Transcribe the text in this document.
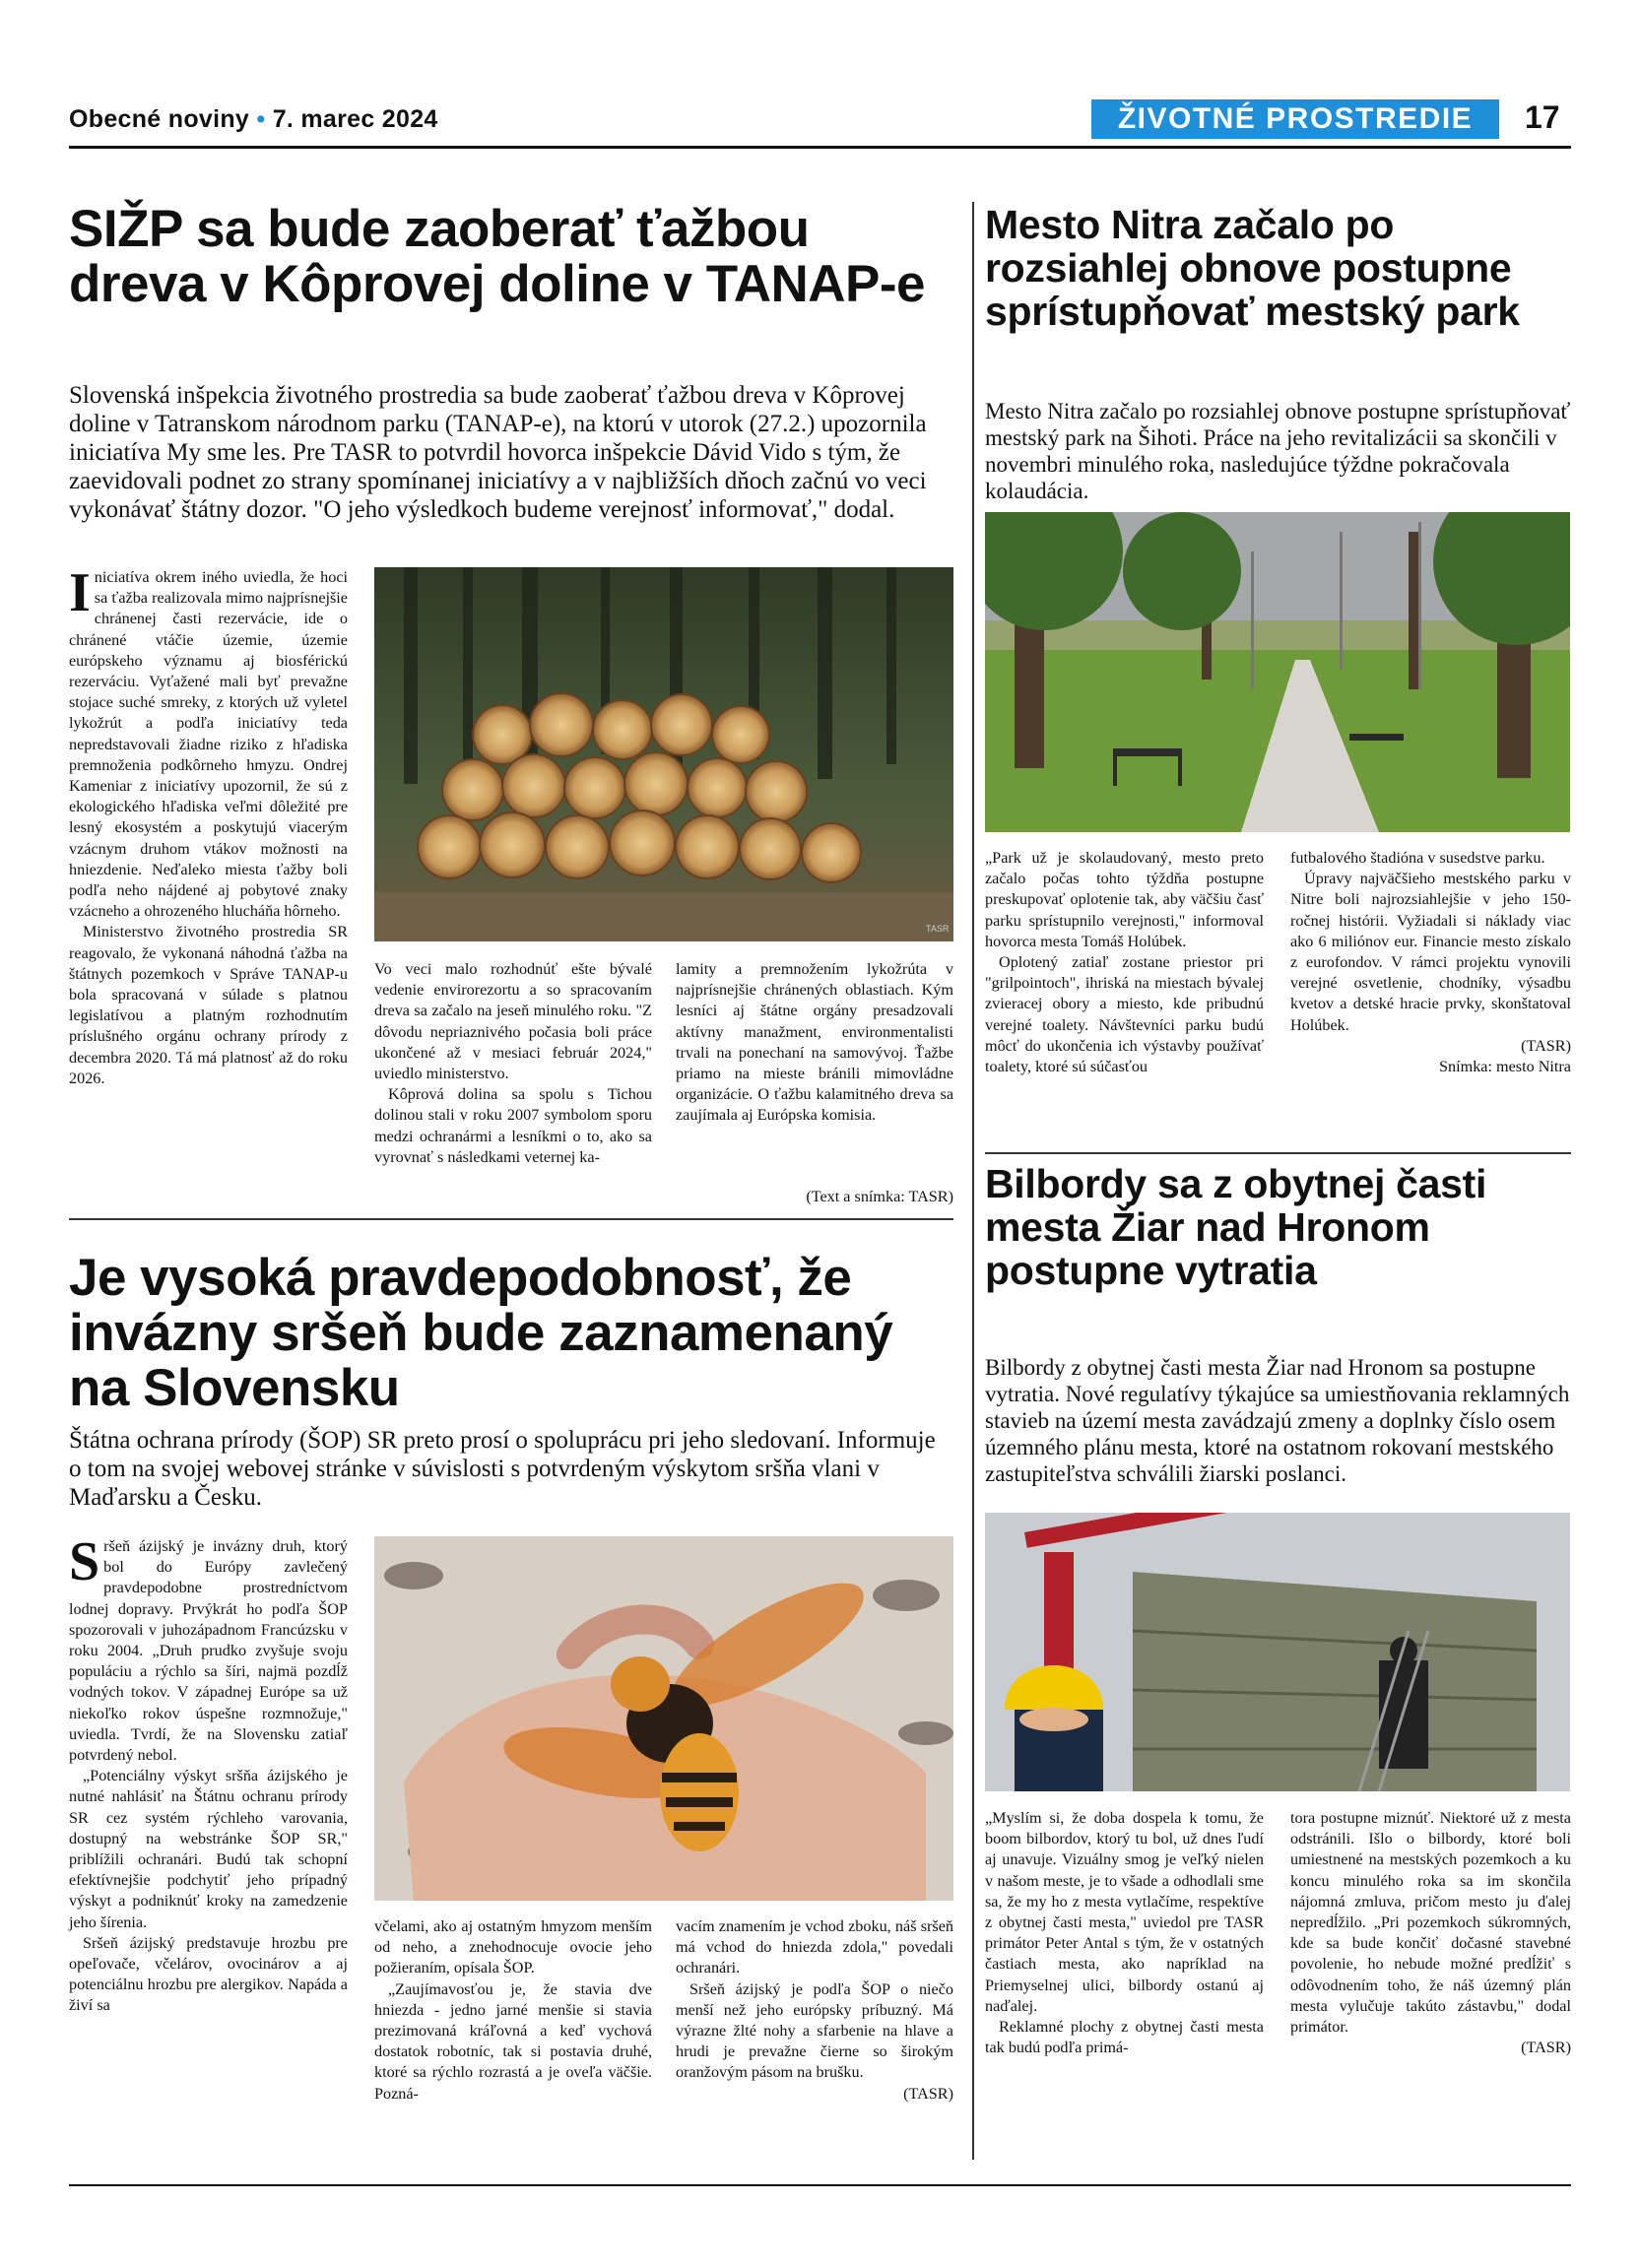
Obecné noviny • 7. marec 2024	ŽIVOTNÉ PROSTREDIE	17
SIŽP sa bude zaoberať ťažbou dreva v Kôprovej doline v TANAP-e

Slovenská inšpekcia životného prostredia sa bude zaoberať ťažbou dreva v Kôprovej doline v Tatranskom národnom parku (TANAP-e), na ktorú v utorok (27.2.) upozornila iniciatíva My sme les. Pre TASR to potvrdil hovorca inšpekcie Dávid Vido s tým, že zaevidovali podnet zo strany spomínanej iniciatívy a v najbližších dňoch začnú vo veci vykonávať štátny dozor. "O jeho výsledkoch budeme verejnosť informovať," dodal.

Iniciatíva okrem iného uviedla, že hoci sa ťažba realizovala mimo najprísnejšie chránenej časti rezervácie, ide o chránené vtáčie územie, územie európskeho významu aj biosférickú rezerváciu. Vyťažené mali byť prevažne stojace suché smreky, z ktorých už vyletel lykožrút a podľa iniciatívy teda nepredstavovali žiadne riziko z hľadiska premnoženia podkôrneho hmyzu. Ondrej Kameniar z iniciatívy upozornil, že sú z ekologického hľadiska veľmi dôležité pre lesný ekosystém a poskytujú viacerým vzácnym druhom vtákov možnosti na hniezdenie. Neďaleko miesta ťažby boli podľa neho nájdené aj pobytové znaky vzácneho a ohrozeného hlucháňa hôrneho.

Ministerstvo životného prostredia SR reagovalo, že vykonaná náhodná ťažba na štátnych pozemkoch v Správe TANAP-u bola spracovaná v súlade s platnou legislatívou a platným rozhodnutím príslušného orgánu ochrany prírody z decembra 2020. Tá má platnosť až do roku 2026.

TASR

Vo veci malo rozhodnúť ešte bývalé vedenie envirorezortu a so spracovaním dreva sa začalo na jeseň minulého roku. "Z dôvodu nepriaznivého počasia boli práce ukončené až v mesiaci február 2024," uviedlo ministerstvo.

Kôprová dolina sa spolu s Tichou dolinou stali v roku 2007 symbolom sporu medzi ochranármi a lesníkmi o to, ako sa vyrovnať s následkami veternej ka-

lamity a premnožením lykožrúta v najprísnejšie chránených oblastiach. Kým lesníci aj štátne orgány presadzovali aktívny manažment, environmentalisti trvali na ponechaní na samovývoj. Ťažbe priamo na mieste bránili mimovládne organizácie. O ťažbu kalamitného dreva sa zaujímala aj Európska komisia.

(Text a snímka: TASR)
Mesto Nitra začalo po rozsiahlej obnove postupne sprístupňovať mestský park

Mesto Nitra začalo po rozsiahlej obnove postupne sprístupňovať mestský park na Šihoti. Práce na jeho revitalizácii sa skončili v novembri minulého roka, nasledujúce týždne pokračovala kolaudácia.

„Park už je skolaudovaný, mesto preto začalo počas tohto týždňa postupne preskupovať oplotenie tak, aby väčšiu časť parku sprístupnilo verejnosti," informoval hovorca mesta Tomáš Holúbek.

Oplotený zatiaľ zostane priestor pri "grilpointoch", ihriská na miestach bývalej zvieracej obory a miesto, kde pribudnú verejné toalety. Návštevníci parku budú môcť do ukončenia ich výstavby používať toalety, ktoré sú súčasťou

futbalového štadióna v susedstve parku.

Úpravy najväčšieho mestského parku v Nitre boli najrozsiahlejšie v jeho 150-ročnej histórii. Vyžiadali si náklady viac ako 6 miliónov eur. Financie mesto získalo z eurofondov. V rámci projektu vynovili verejné osvetlenie, chodníky, výsadbu kvetov a detské hracie prvky, skonštatoval Holúbek.

(TASR)

Snímka: mesto Nitra

Je vysoká pravdepodobnosť, že invázny sršeň bude zaznamenaný na Slovensku

Štátna ochrana prírody (ŠOP) SR preto prosí o spoluprácu pri jeho sledovaní. Informuje o tom na svojej webovej stránke v súvislosti s potvrdeným výskytom sršňa vlani v Maďarsku a Česku.

Sršeň ázijský je invázny druh, ktorý bol do Európy zavlečený pravdepodobne prostredníctvom lodnej dopravy. Prvýkrát ho podľa ŠOP spozorovali v juhozápadnom Francúzsku v roku 2004. „Druh prudko zvyšuje svoju populáciu a rýchlo sa šíri, najmä pozdĺž vodných tokov. V západnej Európe sa už niekoľko rokov úspešne rozmnožuje," uviedla. Tvrdí, že na Slovensku zatiaľ potvrdený nebol.

„Potenciálny výskyt sršňa ázijského je nutné nahlásiť na Štátnu ochranu prírody SR cez systém rýchleho varovania, dostupný na webstránke ŠOP SR," priblížili ochranári. Budú tak schopní efektívnejšie podchytiť jeho prípadný výskyt a podniknúť kroky na zamedzenie jeho šírenia.

Sršeň ázijský predstavuje hrozbu pre opeľovače, včelárov, ovocinárov a aj potenciálnu hrozbu pre alergikov. Napáda a živí sa

včelami, ako aj ostatným hmyzom menším od neho, a znehodnocuje ovocie jeho požieraním, opísala ŠOP.

„Zaujímavosťou je, že stavia dve hniezda - jedno jarné menšie si stavia prezimovaná kráľovná a keď vychová dostatok robotníc, tak si postavia druhé, ktoré sa rýchlo rozrastá a je oveľa väčšie. Pozná-

vacím znamením je vchod zboku, náš sršeň má vchod do hniezda zdola," povedali ochranári.

Sršeň ázijský je podľa ŠOP o niečo menší než jeho európsky príbuzný. Má výrazne žlté nohy a sfarbenie na hlave a hrudi je prevažne čierne so širokým oranžovým pásom na brušku.

(TASR)

Bilbordy sa z obytnej časti mesta Žiar nad Hronom postupne vytratia

Bilbordy z obytnej časti mesta Žiar nad Hronom sa postupne vytratia. Nové regulatívy týkajúce sa umiestňovania reklamných stavieb na území mesta zavádzajú zmeny a doplnky číslo osem územného plánu mesta, ktoré na ostatnom rokovaní mestského zastupiteľstva schválili žiarski poslanci.

„Myslím si, že doba dospela k tomu, že boom bilbordov, ktorý tu bol, už dnes ľudí aj unavuje. Vizuálny smog je veľký nielen v našom meste, je to všade a odhodlali sme sa, že my ho z mesta vytlačíme, respektíve z obytnej časti mesta," uviedol pre TASR primátor Peter Antal s tým, že v ostatných častiach mesta, ako napríklad na Priemyselnej ulici, bilbordy ostanú aj naďalej.

Reklamné plochy z obytnej časti mesta tak budú podľa primá-

tora postupne miznúť. Niektoré už z mesta odstránili. Išlo o bilbordy, ktoré boli umiestnené na mestských pozemkoch a ku koncu minulého roka sa im skončila nájomná zmluva, pričom mesto ju ďalej nepredĺžilo. „Pri pozemkoch súkromných, kde sa bude končiť dočasné stavebné povolenie, ho nebude možné predĺžiť s odôvodnením toho, že náš územný plán mesta vylučuje takúto zástavbu," dodal primátor.

(TASR)
